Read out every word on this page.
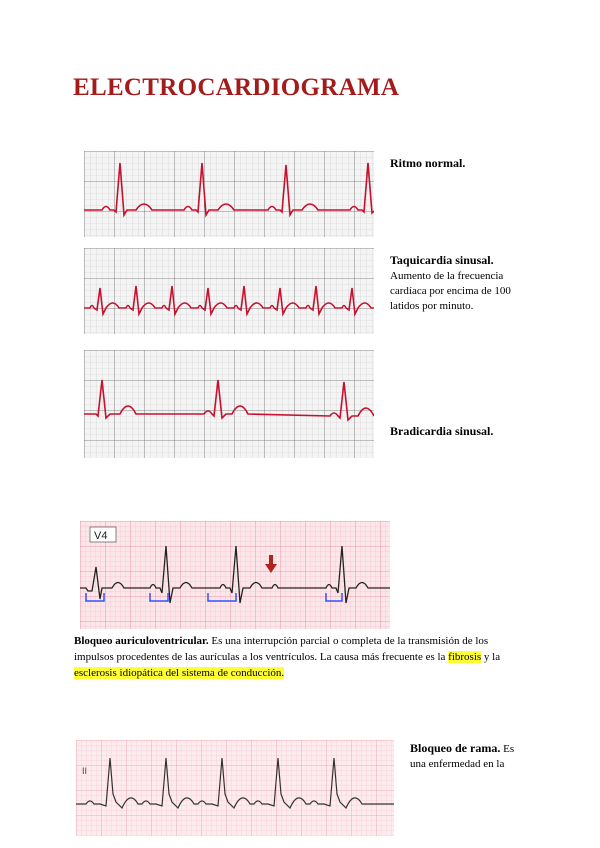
ELECTROCARDIOGRAMA
Ritmo normal.
Taquicardia sinusal.
Aumento de la frecuencia cardíaca por encima de 100 latidos por minuto.
Bradicardia sinusal.
V4

Bloqueo auriculoventricular. Es una interrupción parcial o completa de la transmisión de los impulsos procedentes de las aurículas a los ventrículos. La causa más frecuente es la fibrosis y la esclerosis idiopática del sistema de conducción.

II
Bloqueo de rama. Es una enfermedad en la
